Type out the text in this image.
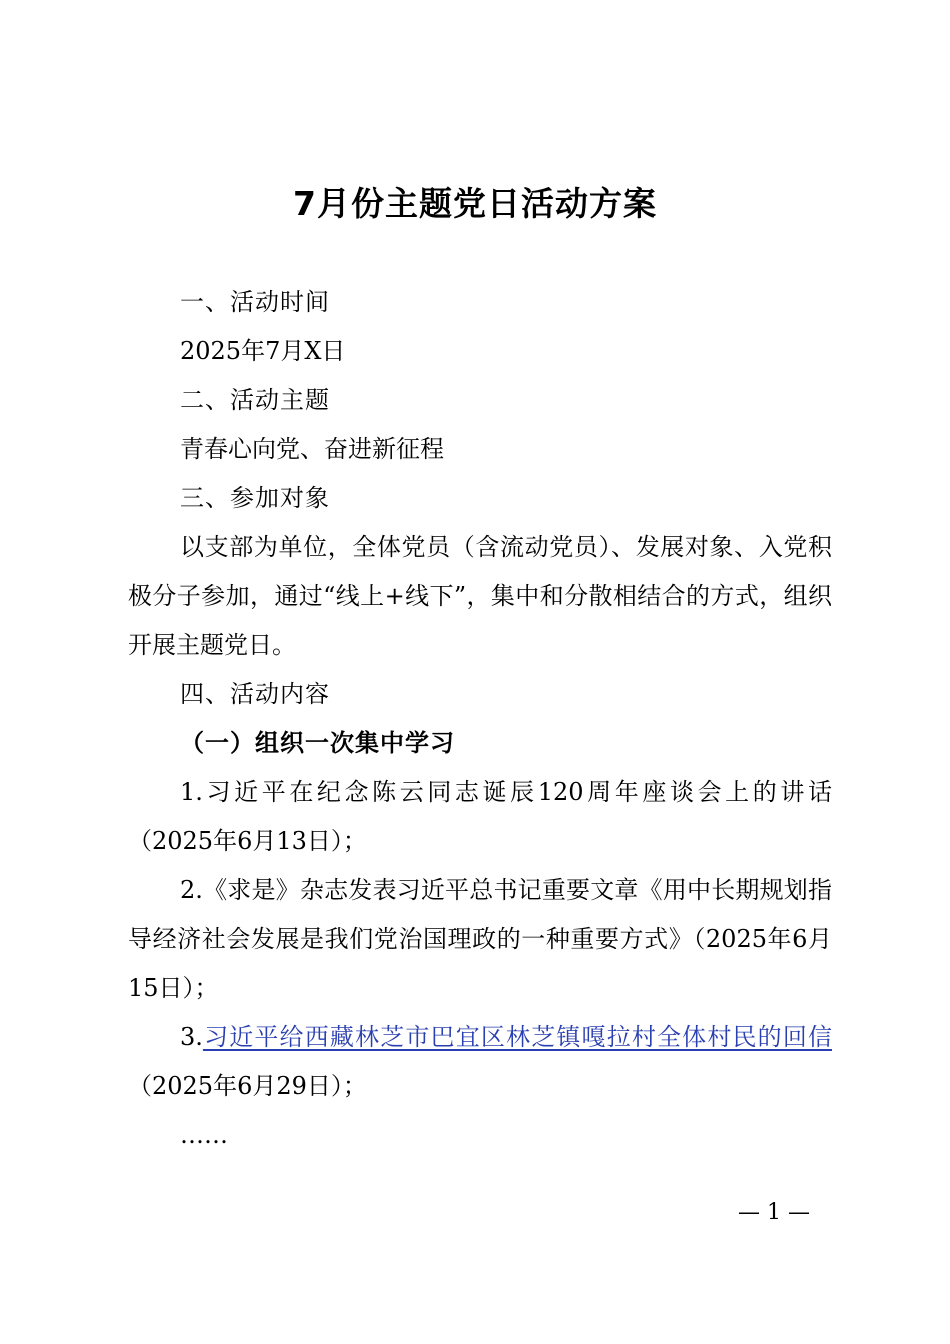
7月份主题党日活动方案

一、活动时间

2025年7月X日

二、活动主题

青春心向党、奋进新征程

三、参加对象

以支部为单位，全体党员（含流动党员）、发展对象、入党积极分子参加，通过“线上+线下”，集中和分散相结合的方式，组织开展主题党日。

四、活动内容

（一）组织一次集中学习

1.习近平在纪念陈云同志诞辰120周年座谈会上的讲话（2025年6月13日）；

2.《求是》杂志发表习近平总书记重要文章《用中长期规划指导经济社会发展是我们党治国理政的一种重要方式》（2025年6月15日）；

3.习近平给西藏林芝市巴宜区林芝镇嘎拉村全体村民的回信（2025年6月29日）；

……

— 1 —
